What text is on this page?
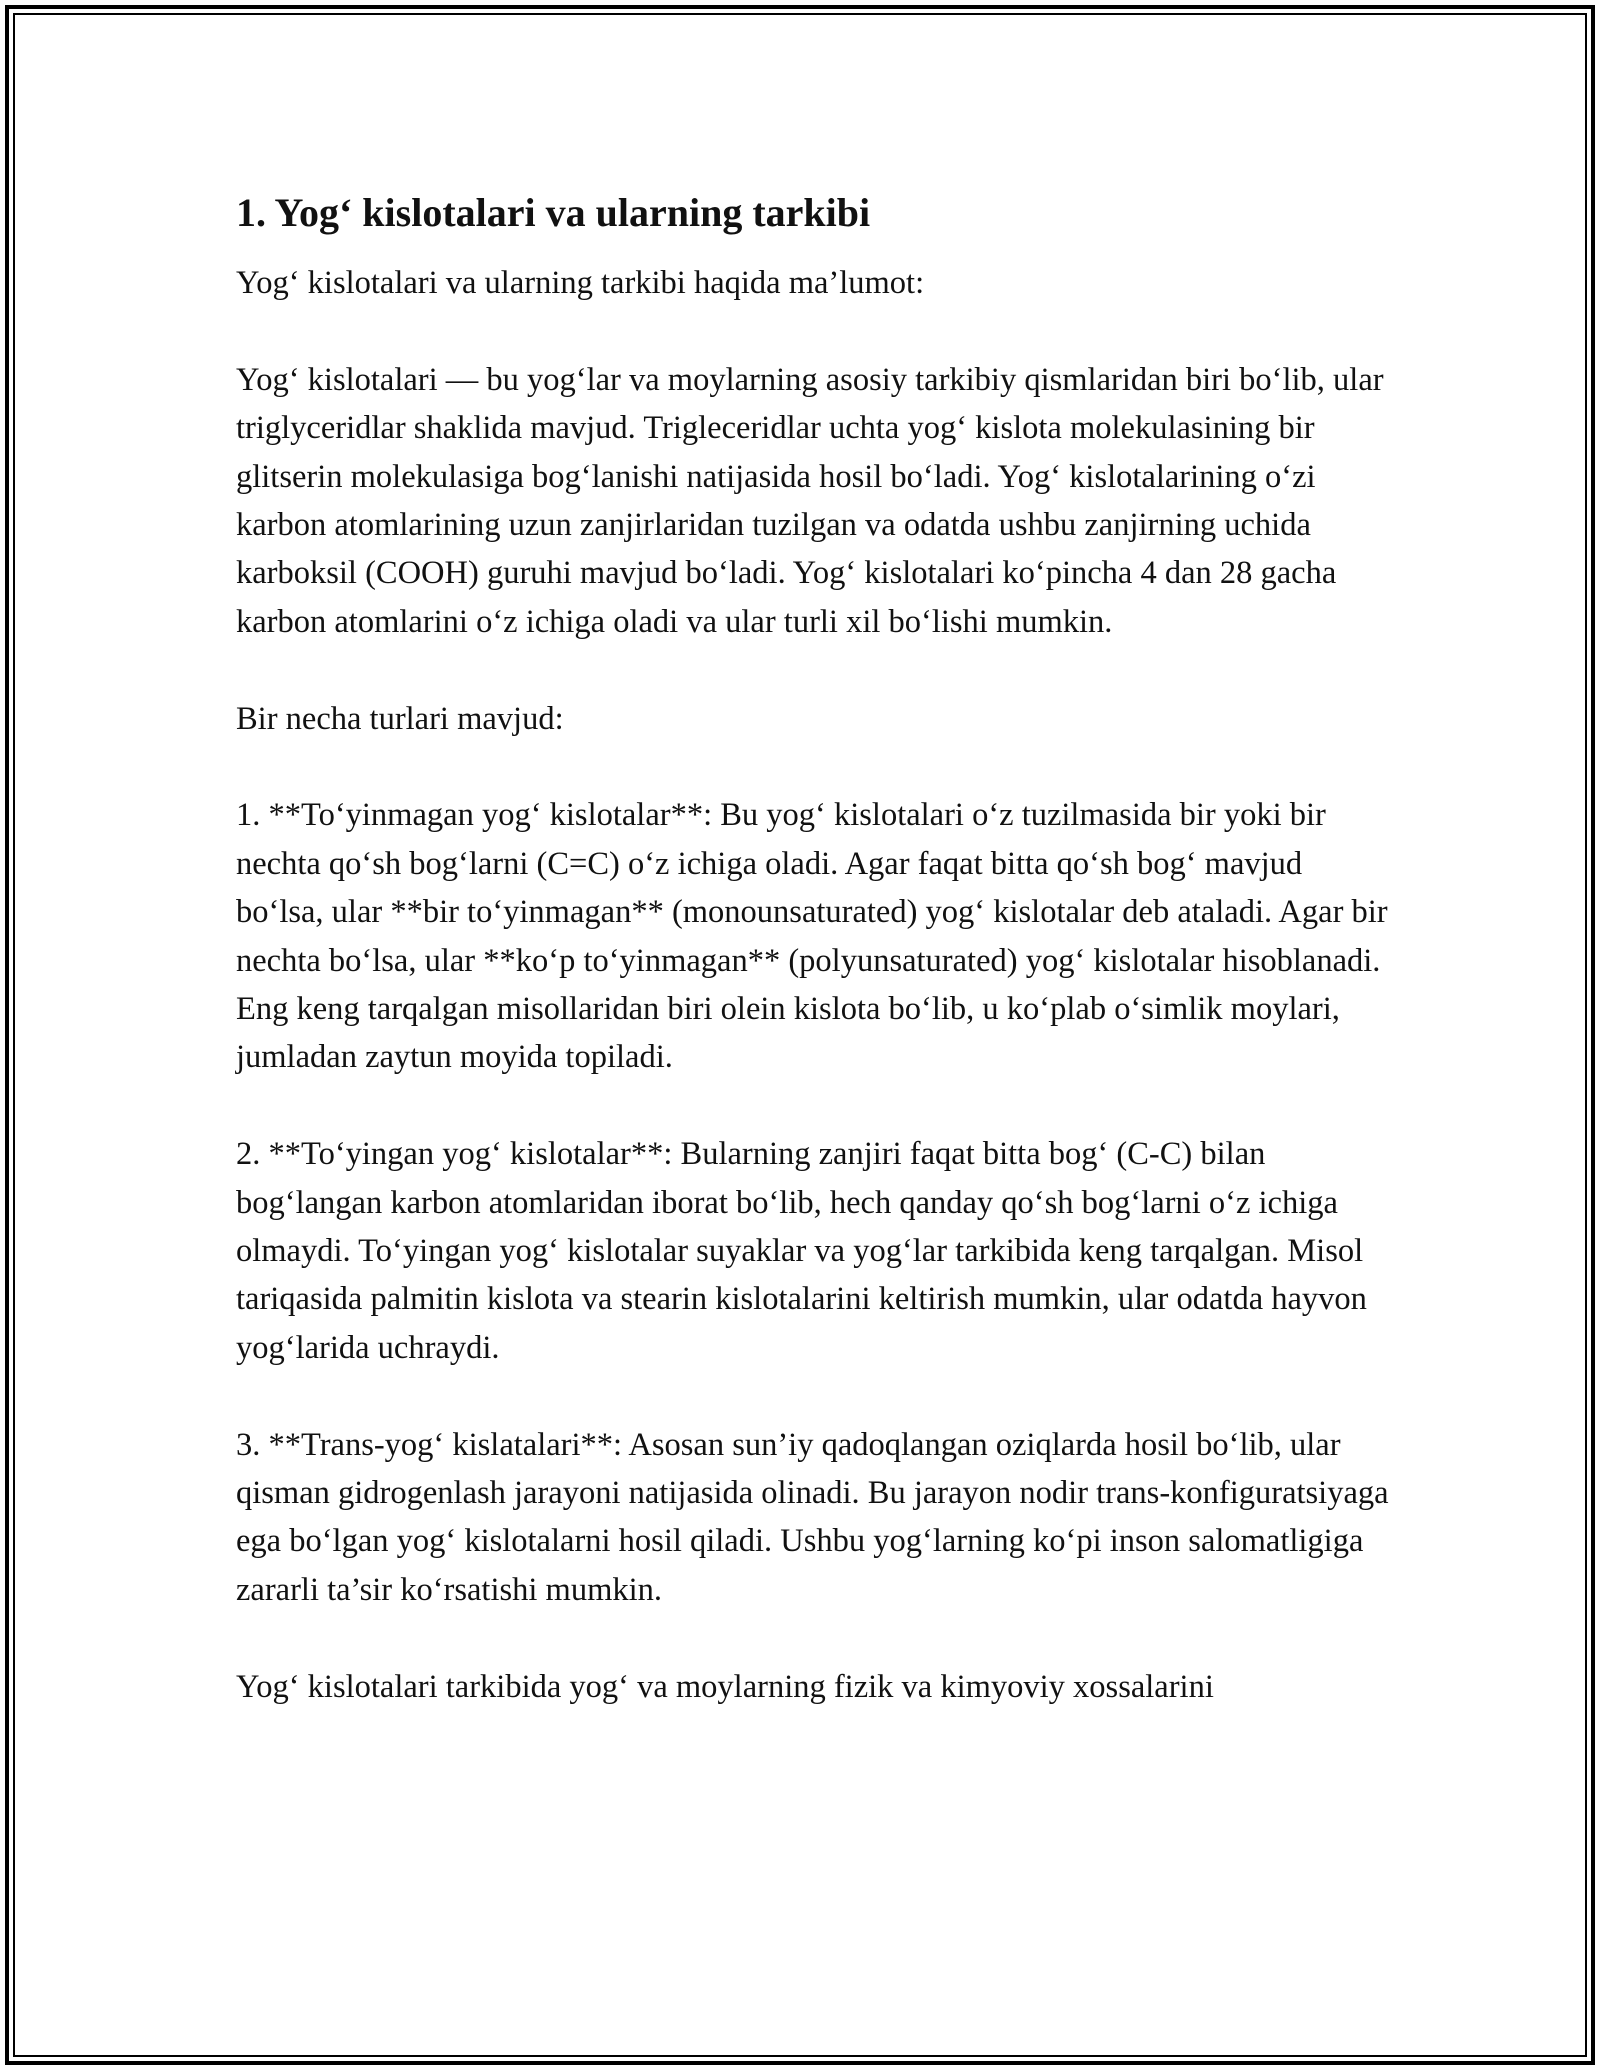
1. Yog‘ kislotalari va ularning tarkibi

Yog‘ kislotalari va ularning tarkibi haqida ma’lumot:

Yog‘ kislotalari — bu yog‘lar va moylarning asosiy tarkibiy qismlaridan biri bo‘lib, ular triglyceridlar shaklida mavjud. Trigleceridlar uchta yog‘ kislota molekulasining bir glitserin molekulasiga bog‘lanishi natijasida hosil bo‘ladi. Yog‘ kislotalarining o‘zi karbon atomlarining uzun zanjirlaridan tuzilgan va odatda ushbu zanjirning uchida karboksil (COOH) guruhi mavjud bo‘ladi. Yog‘ kislotalari ko‘pincha 4 dan 28 gacha karbon atomlarini o‘z ichiga oladi va ular turli xil bo‘lishi mumkin.

Bir necha turlari mavjud:

1. **To‘yinmagan yog‘ kislotalar**: Bu yog‘ kislotalari o‘z tuzilmasida bir yoki bir nechta qo‘sh bog‘larni (C=C) o‘z ichiga oladi. Agar faqat bitta qo‘sh bog‘ mavjud bo‘lsa, ular **bir to‘yinmagan** (monounsaturated) yog‘ kislotalar deb ataladi. Agar bir nechta bo‘lsa, ular **ko‘p to‘yinmagan** (polyunsaturated) yog‘ kislotalar hisoblanadi. Eng keng tarqalgan misollaridan biri olein kislota bo‘lib, u ko‘plab o‘simlik moylari, jumladan zaytun moyida topiladi.

2. **To‘yingan yog‘ kislotalar**: Bularning zanjiri faqat bitta bog‘ (C-C) bilan bog‘langan karbon atomlaridan iborat bo‘lib, hech qanday qo‘sh bog‘larni o‘z ichiga olmaydi. To‘yingan yog‘ kislotalar suyaklar va yog‘lar tarkibida keng tarqalgan. Misol tariqasida palmitin kislota va stearin kislotalarini keltirish mumkin, ular odatda hayvon yog‘larida uchraydi.

3. **Trans-yog‘ kislatalari**: Asosan sun’iy qadoqlangan oziqlarda hosil bo‘lib, ular qisman gidrogenlash jarayoni natijasida olinadi. Bu jarayon nodir trans-konfiguratsiyaga ega bo‘lgan yog‘ kislotalarni hosil qiladi. Ushbu yog‘larning ko‘pi inson salomatligiga zararli ta’sir ko‘rsatishi mumkin.

Yog‘ kislotalari tarkibida yog‘ va moylarning fizik va kimyoviy xossalarini
